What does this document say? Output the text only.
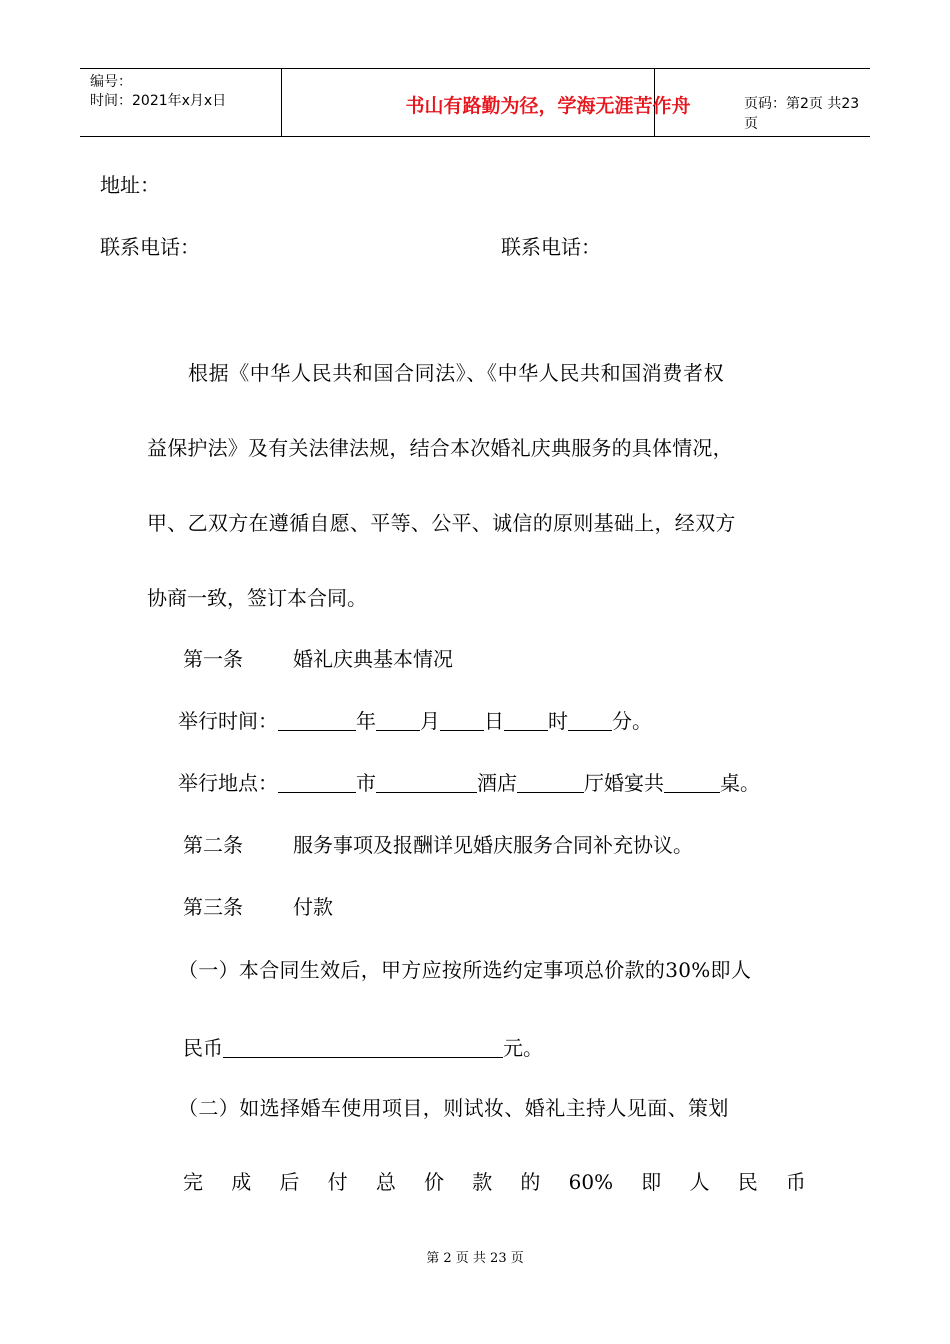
编号：
时间：2021年x月x日	书山有路勤为径，学海无涯苦作舟	页码：第2页 共23页
地址：
联系电话：	联系电话：
根据《中华人民共和国合同法》、《中华人民共和国消费者权
益保护法》及有关法律法规，结合本次婚礼庆典服务的具体情况，
甲、乙双方在遵循自愿、平等、公平、诚信的原则基础上，经双方
协商一致，签订本合同。
第一条	婚礼庆典基本情况
举行时间：	年 月 日 时 分。
举行地点：	市	酒店	厅婚宴共	桌。
第二条	服务事项及报酬详见婚庆服务合同补充协议。
第三条	付款
（一）本合同生效后，甲方应按所选约定事项总价款的30%即人
民币	元。
（二）如选择婚车使用项目，则试妆、婚礼主持人见面、策划
完 成 后 付 总 价 款 的 60% 即 人 民 币
第 2 页 共 23 页
